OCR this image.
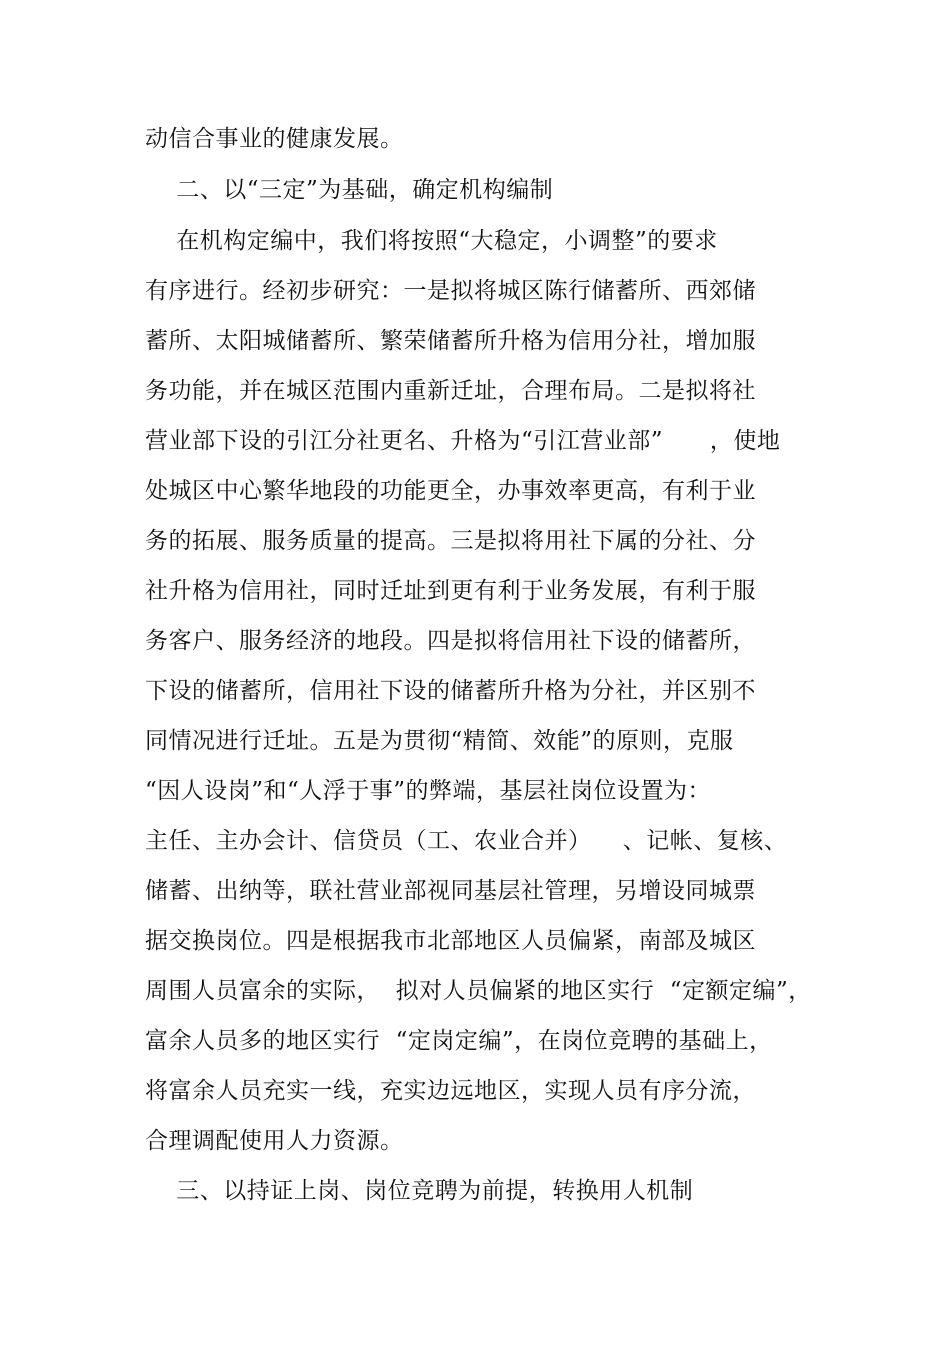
动信合事业的健康发展。
二、以“三定”为基础，确定机构编制
在机构定编中，我们将按照“大稳定，小调整”的要求
有序进行。经初步研究：一是拟将城区陈行储蓄所、西郊储
蓄所、太阳城储蓄所、繁荣储蓄所升格为信用分社，增加服
务功能，并在城区范围内重新迁址，合理布局。二是拟将社
营业部下设的引江分社更名、升格为“引江营业部”      ，使地
处城区中心繁华地段的功能更全，办事效率更高，有利于业
务的拓展、服务质量的提高。三是拟将用社下属的分社、分
社升格为信用社，同时迁址到更有利于业务发展，有利于服
务客户、服务经济的地段。四是拟将信用社下设的储蓄所，
下设的储蓄所，信用社下设的储蓄所升格为分社，并区别不
同情况进行迁址。五是为贯彻“精简、效能”的原则，克服
“因人设岗”和“人浮于事”的弊端，基层社岗位设置为：
主任、主办会计、信贷员（工、农业合并）    、记帐、复核、
储蓄、出纳等，联社营业部视同基层社管理，另增设同城票
据交换岗位。四是根据我市北部地区人员偏紧，南部及城区
周围人员富余的实际，  拟对人员偏紧的地区实行  “定额定编”，
富余人员多的地区实行  “定岗定编”，在岗位竞聘的基础上，
将富余人员充实一线，充实边远地区，实现人员有序分流，
合理调配使用人力资源。
三、以持证上岗、岗位竞聘为前提，转换用人机制
